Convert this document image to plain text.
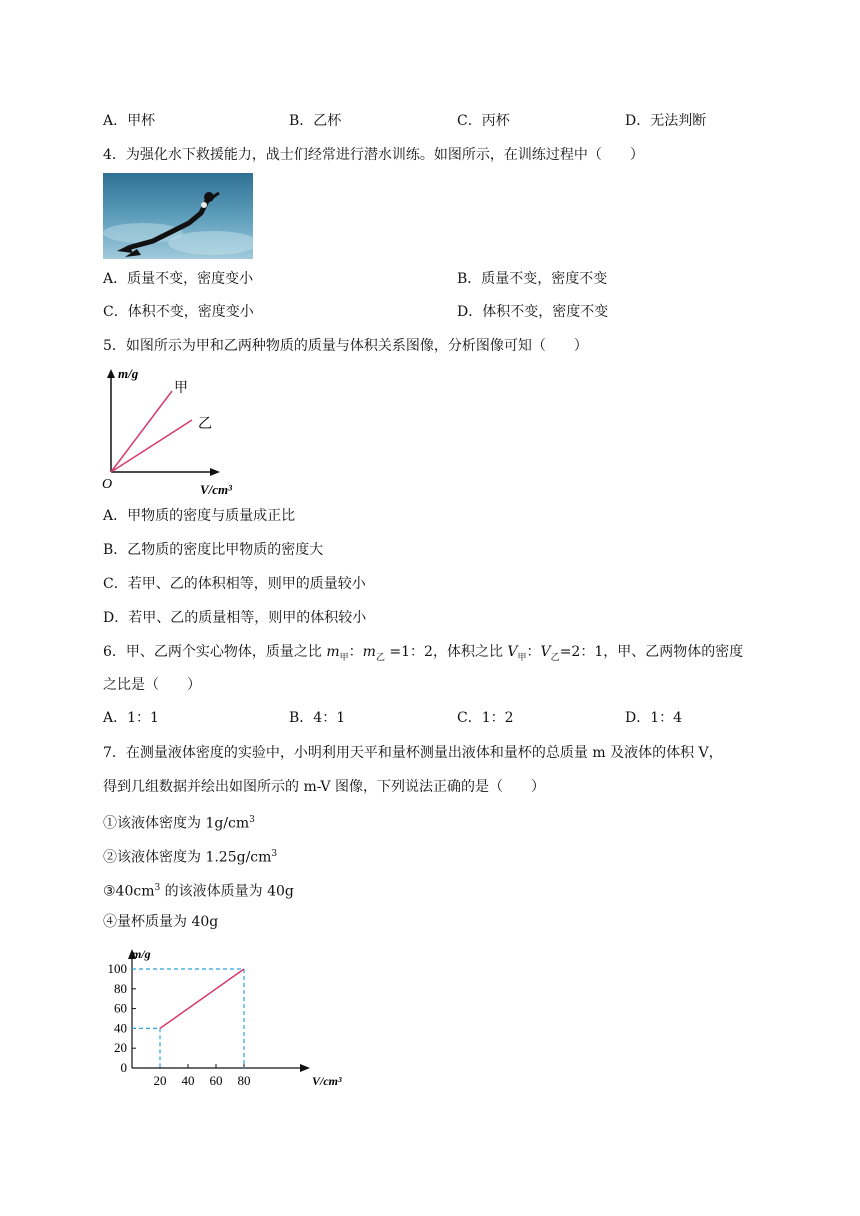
A．甲杯	B．乙杯	C．丙杯	D．无法判断
4．为强化水下救援能力，战士们经常进行潜水训练。如图所示，在训练过程中（　　）
A．质量不变，密度变小	B．质量不变，密度不变
C．体积不变，密度变小	D．体积不变，密度不变
5．如图所示为甲和乙两种物质的质量与体积关系图像，分析图像可知（　　）
m/g
V/cm³
O
甲
乙
A．甲物质的密度与质量成正比
B．乙物质的密度比甲物质的密度大
C．若甲、乙的体积相等，则甲的质量较小
D．若甲、乙的质量相等，则甲的体积较小
6．甲、乙两个实心物体，质量之比 $m_甲$：$m_乙 =1$：2，体积之比 $V_甲$：$V_乙=2$：1，甲、乙两物体的密度
之比是（　　）
A．1：1	B．4：1	C．1：2	D．1：4
7．在测量液体密度的实验中，小明利用天平和量杯测量出液体和量杯的总质量 m 及液体的体积 V，
得到几组数据并绘出如图所示的 m-V 图像，下列说法正确的是（　　）
①该液体密度为 $1g/cm^3$
②该液体密度为 $1.25g/cm^3$
$③40cm^3$ 的该液体质量为 40g
④量杯质量为 40g
m/g
V/cm³
0
20
40
60
80
100
20 40 60 80
